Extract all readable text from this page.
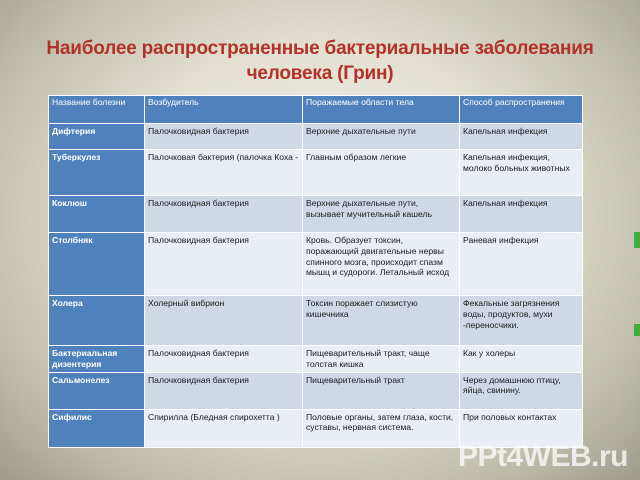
Наиболее распространенные бактериальные заболевания
человека (Грин)
Название болезни	Возбудитель	Поражаемые области тела	Способ распространения
Дифтерия	Палочковидная бактерия	Верхние дыхательные пути	Капельная инфекция
Туберкулез	Палочковая бактерия (палочка Коха -	Главным образом легкие	Капельная инфекция, молоко больных животных
Коклюш	Палочковидная бактерия	Верхние дыхательные пути, вызывает мучительный кашель	Капельная инфекция
Столбняк	Палочковидная бактерия	Кровь. Образует токсин, поражающий двигательные нервы спинного мозга, происходит спазм мышц и судороги. Летальный исход	Раневая инфекция
Холера	Холерный вибрион	Токсин поражает слизистую кишечника	Фекальные загрязнения воды, продуктов, мухи -переносчики.
Бактериальная дизентерия	Палочковидная бактерия	Пищеварительный тракт, чаще толстая кишка	Как у холеры
Сальмонелез	Палочковидная бактерия	Пищеварительный тракт	Через домашнюю птицу, яйца, свинину.
Сифилис	Спирилла (Бледная спирохетта )	Половые органы, затем глаза, кости, суставы, нервная система.	При половых контактах
PPt4WEB.ru
